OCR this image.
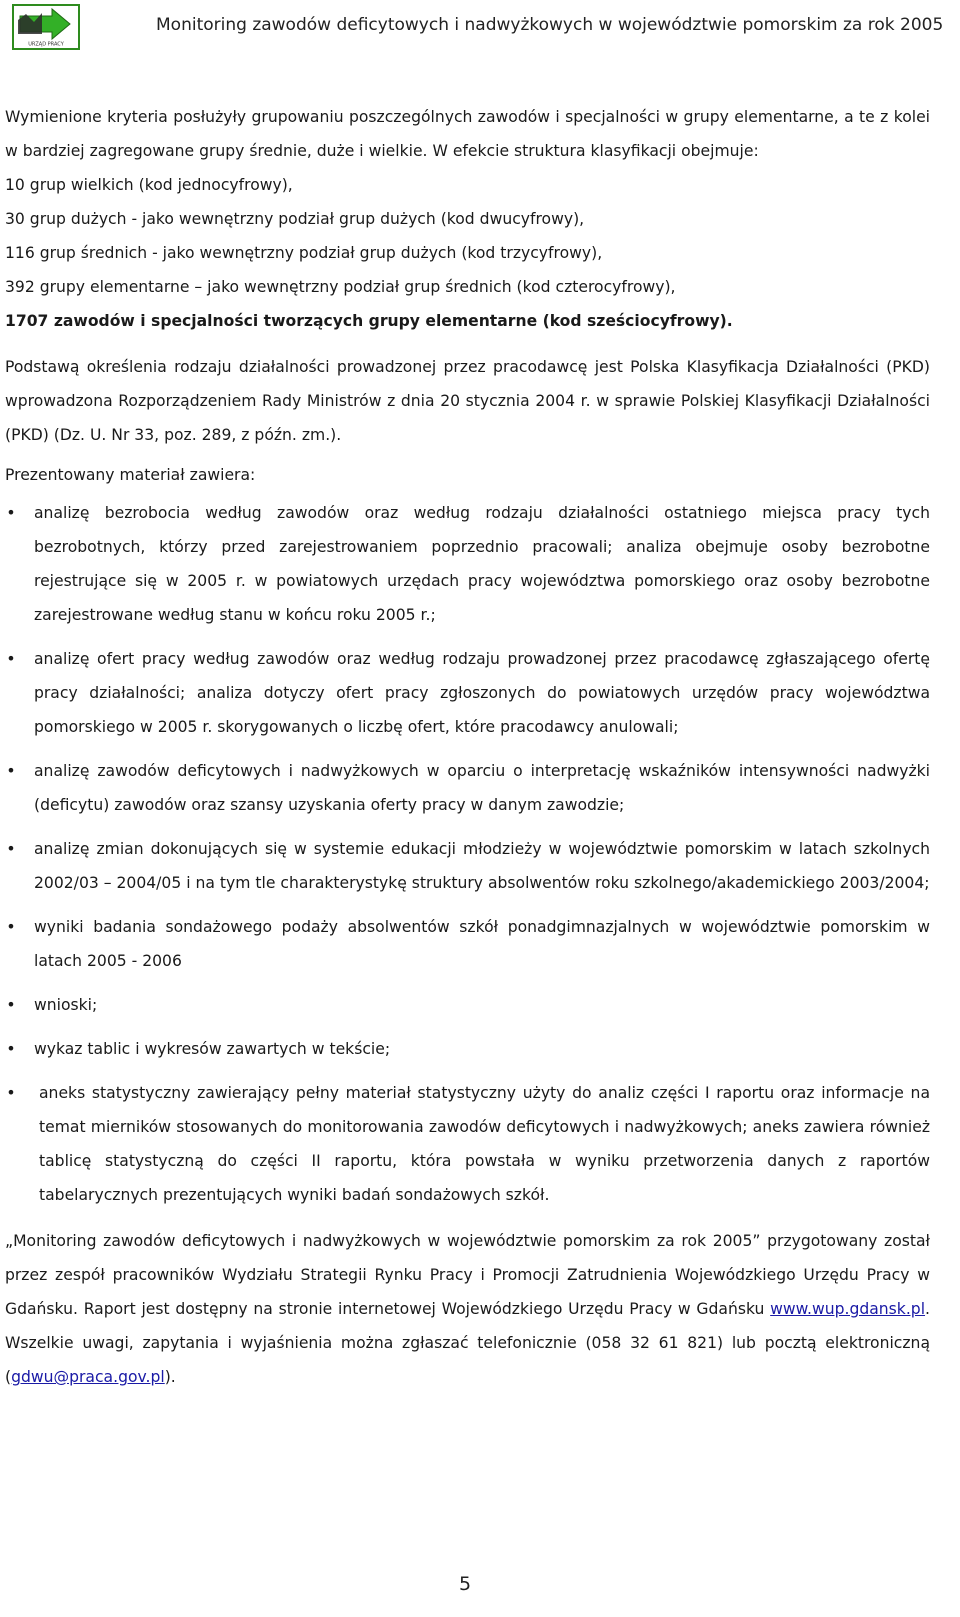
URZĄD PRACY
Monitoring zawodów deficytowych i nadwyżkowych w województwie pomorskim za rok 2005

Wymienione kryteria posłużyły grupowaniu poszczególnych zawodów i specjalności w grupy elementarne, a te z kolei w bardziej zagregowane grupy średnie, duże i wielkie. W efekcie struktura klasyfikacji obejmuje:
10 grup wielkich (kod jednocyfrowy),
30 grup dużych - jako wewnętrzny podział grup dużych (kod dwucyfrowy),
116 grup średnich - jako wewnętrzny podział grup dużych (kod trzycyfrowy),
392 grupy elementarne – jako wewnętrzny podział grup średnich (kod czterocyfrowy),
1707 zawodów i specjalności tworzących grupy elementarne (kod sześciocyfrowy).

Podstawą określenia rodzaju działalności prowadzonej przez pracodawcę jest Polska Klasyfikacja Działalności (PKD) wprowadzona Rozporządzeniem Rady Ministrów z dnia 20 stycznia 2004 r. w sprawie Polskiej Klasyfikacji Działalności (PKD) (Dz. U. Nr 33, poz. 289, z późn. zm.).

Prezentowany materiał zawiera:

• analizę bezrobocia według zawodów oraz według rodzaju działalności ostatniego miejsca pracy tych bezrobotnych, którzy przed zarejestrowaniem poprzednio pracowali; analiza obejmuje osoby bezrobotne rejestrujące się w 2005 r. w powiatowych urzędach pracy województwa pomorskiego oraz osoby bezrobotne zarejestrowane według stanu w końcu roku 2005 r.;
• analizę ofert pracy według zawodów oraz według rodzaju prowadzonej przez pracodawcę zgłaszającego ofertę pracy działalności; analiza dotyczy ofert pracy zgłoszonych do powiatowych urzędów pracy województwa pomorskiego w 2005 r. skorygowanych o liczbę ofert, które pracodawcy anulowali;
• analizę zawodów deficytowych i nadwyżkowych w oparciu o interpretację wskaźników intensywności nadwyżki (deficytu) zawodów oraz szansy uzyskania oferty pracy w danym zawodzie;
• analizę zmian dokonujących się w systemie edukacji młodzieży w województwie pomorskim w latach szkolnych 2002/03 – 2004/05 i na tym tle charakterystykę struktury absolwentów roku szkolnego/akademickiego 2003/2004;
• wyniki badania sondażowego podaży absolwentów szkół ponadgimnazjalnych w województwie pomorskim w latach 2005 - 2006
• wnioski;
• wykaz tablic i wykresów zawartych w tekście;
• aneks statystyczny zawierający pełny materiał statystyczny użyty do analiz części I raportu oraz informacje na temat mierników stosowanych do monitorowania zawodów deficytowych i nadwyżkowych; aneks zawiera również tablicę statystyczną do części II raportu, która powstała w wyniku przetworzenia danych z raportów tabelarycznych prezentujących wyniki badań sondażowych szkół.

„Monitoring zawodów deficytowych i nadwyżkowych w województwie pomorskim za rok 2005” przygotowany został przez zespół pracowników Wydziału Strategii Rynku Pracy i Promocji Zatrudnienia Wojewódzkiego Urzędu Pracy w Gdańsku. Raport jest dostępny na stronie internetowej Wojewódzkiego Urzędu Pracy w Gdańsku www.wup.gdansk.pl. Wszelkie uwagi, zapytania i wyjaśnienia można zgłaszać telefonicznie (058 32 61 821) lub pocztą elektroniczną (gdwu@praca.gov.pl).

5
